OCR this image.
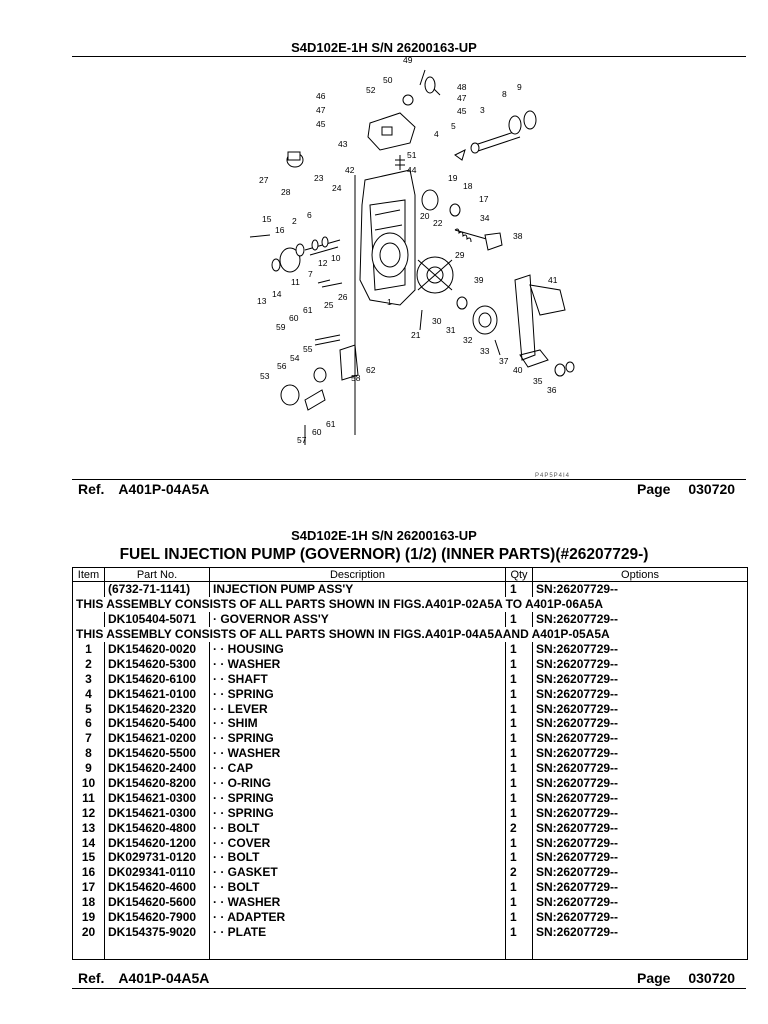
S4D102E-1H S/N 26200163-UP
49
50
52	48
47
45
46
47
45
8
9
3
43
4
5
51
44
27
28
23
42
24
19
18
17
15 2
6	20
22	34
16
38
12 10	29
39
7
11
14
41
13	25
26	1
59
60
61
55
30
31
32
21
33
37
40
35
36
54
56
53	58
62
57
60
61
P4P5P4I4
Ref. A401P-04A5A	Page 030720
S4D102E-1H S/N 26200163-UP
FUEL INJECTION PUMP (GOVERNOR) (1/2) (INNER PARTS)(#26207729-)
Item	Part No.	Description	Qty	Options
	(6732-71-1141)	INJECTION PUMP ASS'Y	1	SN:26207729--
THIS ASSEMBLY CONSISTS OF ALL PARTS SHOWN IN FIGS.A401P-02A5A TO A401P-06A5A				
	DK105404-5071	· GOVERNOR ASS'Y	1	SN:26207729--
THIS ASSEMBLY CONSISTS OF ALL PARTS SHOWN IN FIGS.A401P-04A5AAND A401P-05A5A				
1	DK154620-0020	· · HOUSING	1	SN:26207729--
2	DK154620-5300	· · WASHER	1	SN:26207729--
3	DK154620-6100	· · SHAFT	1	SN:26207729--
4	DK154621-0100	· · SPRING	1	SN:26207729--
5	DK154620-2320	· · LEVER	1	SN:26207729--
6	DK154620-5400	· · SHIM	1	SN:26207729--
7	DK154621-0200	· · SPRING	1	SN:26207729--
8	DK154620-5500	· · WASHER	1	SN:26207729--
9	DK154620-2400	· · CAP	1	SN:26207729--
10	DK154620-8200	· · O-RING	1	SN:26207729--
11	DK154621-0300	· · SPRING	1	SN:26207729--
12	DK154621-0300	· · SPRING	1	SN:26207729--
13	DK154620-4800	· · BOLT	2	SN:26207729--
14	DK154620-1200	· · COVER	1	SN:26207729--
15	DK029731-0120	· · BOLT	1	SN:26207729--
16	DK029341-0110	· · GASKET	2	SN:26207729--
17	DK154620-4600	· · BOLT	1	SN:26207729--
18	DK154620-5600	· · WASHER	1	SN:26207729--
19	DK154620-7900	· · ADAPTER	1	SN:26207729--
20	DK154375-9020	· · PLATE	1	SN:26207729--

Ref. A401P-04A5A	Page 030720
